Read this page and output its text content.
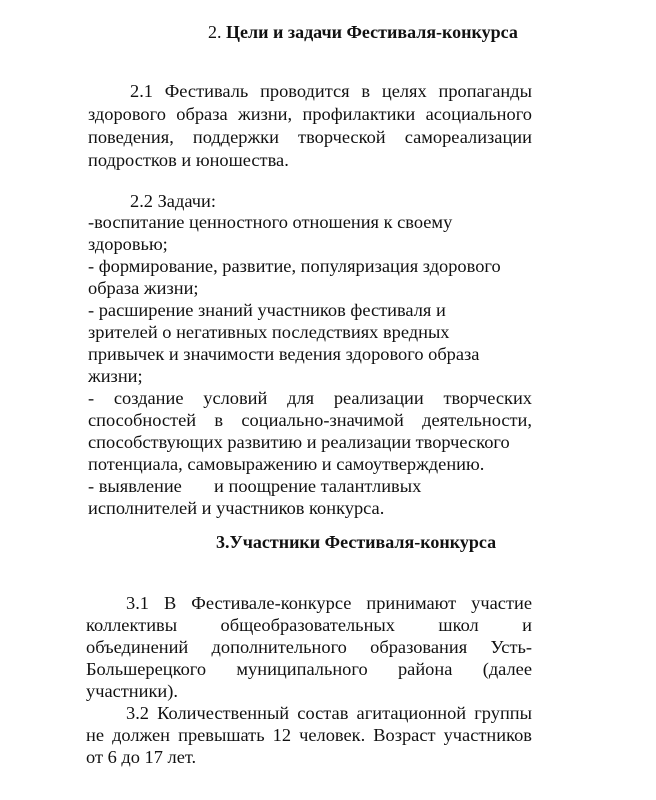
2. Цели и задачи Фестиваля-конкурса
2.1 Фестиваль проводится в целях пропаганды
здорового образа жизни, профилактики асоциального
поведения, поддержки творческой самореализации
подростков и юношества.
2.2 Задачи:
-воспитание ценностного отношения к своему
здоровью;
- формирование, развитие, популяризация здорового
образа жизни;
- расширение знаний участников фестиваля и
зрителей о негативных последствиях вредных
привычек и значимости ведения здорового образа
жизни;
-   создание   условий   для   реализации   творческих
способностей в социально-значимой деятельности,
способствующих развитию и реализации творческого
потенциала, самовыражению и самоутверждению.
- выявление       и поощрение талантливых
исполнителей и участников конкурса.
3.Участники Фестиваля-конкурса
3.1 В Фестивале-конкурсе принимают участие
коллективы общеобразовательных школ и
объединений дополнительного образования Усть-
Большерецкого муниципального района (далее
участники).
3.2 Количественный состав агитационной группы
не должен превышать 12 человек. Возраст участников
от 6 до 17 лет.
